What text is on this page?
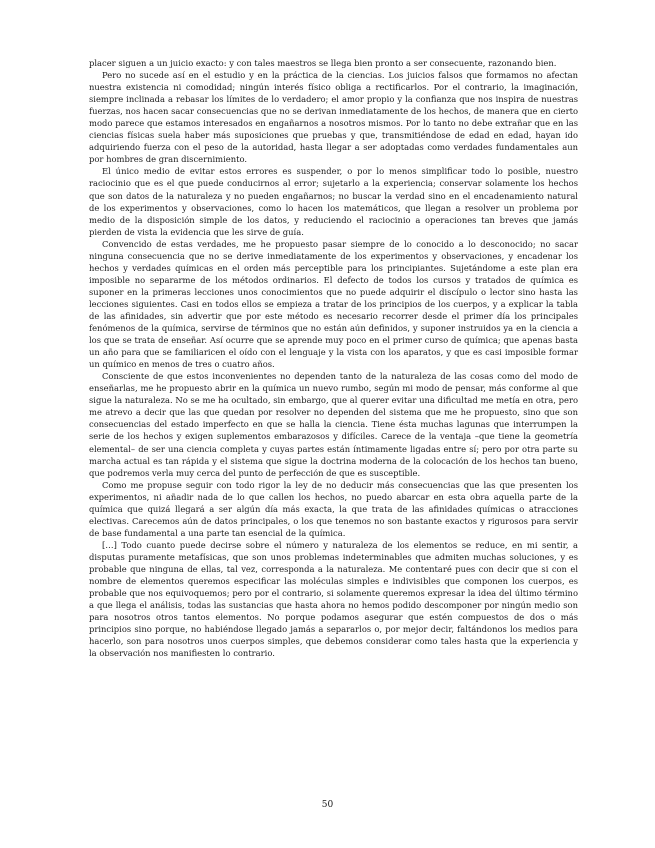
placer siguen a un juicio exacto: y con tales maestros se llega bien pronto a ser consecuente, razonando bien.

Pero no sucede así en el estudio y en la práctica de la ciencias. Los juicios falsos que formamos no afectan nuestra existencia ni comodidad; ningún interés físico obliga a rectificarlos. Por el contrario, la imaginación, siempre inclinada a rebasar los límites de lo verdadero; el amor propio y la confianza que nos inspira de nuestras fuerzas, nos hacen sacar consecuencias que no se derivan inmediatamente de los hechos, de manera que en cierto modo parece que estamos interesados en engañarnos a nosotros mismos. Por lo tanto no debe extrañar que en las ciencias físicas suela haber más suposiciones que pruebas y que, transmitiéndose de edad en edad, hayan ido adquiriendo fuerza con el peso de la autoridad, hasta llegar a ser adoptadas como verdades fundamentales aun por hombres de gran discernimiento.

El único medio de evitar estos errores es suspender, o por lo menos simplificar todo lo posible, nuestro raciocinio que es el que puede conducirnos al error; sujetarlo a la experiencia; conservar solamente los hechos que son datos de la naturaleza y no pueden engañarnos; no buscar la verdad sino en el encadenamiento natural de los experimentos y observaciones, como lo hacen los matemáticos, que llegan a resolver un problema por medio de la disposición simple de los datos, y reduciendo el raciocinio a operaciones tan breves que jamás pierden de vista la evidencia que les sirve de guía.

Convencido de estas verdades, me he propuesto pasar siempre de lo conocido a lo desconocido; no sacar ninguna consecuencia que no se derive inmediatamente de los experimentos y observaciones, y encadenar los hechos y verdades químicas en el orden más perceptible para los principiantes. Sujetándome a este plan era imposible no separarme de los métodos ordinarios. El defecto de todos los cursos y tratados de química es suponer en la primeras lecciones unos conocimientos que no puede adquirir el discípulo o lector sino hasta las lecciones siguientes. Casi en todos ellos se empieza a tratar de los principios de los cuerpos, y a explicar la tabla de las afinidades, sin advertir que por este método es necesario recorrer desde el primer día los principales fenómenos de la química, servirse de términos que no están aún definidos, y suponer instruidos ya en la ciencia a los que se trata de enseñar. Así ocurre que se aprende muy poco en el primer curso de química; que apenas basta un año para que se familiaricen el oído con el lenguaje y la vista con los aparatos, y que es casi imposible formar un químico en menos de tres o cuatro años.

Consciente de que estos inconvenientes no dependen tanto de la naturaleza de las cosas como del modo de enseñarlas, me he propuesto abrir en la química un nuevo rumbo, según mi modo de pensar, más conforme al que sigue la naturaleza. No se me ha ocultado, sin embargo, que al querer evitar una dificultad me metía en otra, pero me atrevo a decir que las que quedan por resolver no dependen del sistema que me he propuesto, sino que son consecuencias del estado imperfecto en que se halla la ciencia. Tiene ésta muchas lagunas que interrumpen la serie de los hechos y exigen suplementos embarazosos y difíciles. Carece de la ventaja –que tiene la geometría elemental– de ser una ciencia completa y cuyas partes están íntimamente ligadas entre sí; pero por otra parte su marcha actual es tan rápida y el sistema que sigue la doctrina moderna de la colocación de los hechos tan bueno, que podremos verla muy cerca del punto de perfección de que es susceptible.

Como me propuse seguir con todo rigor la ley de no deducir más consecuencias que las que presenten los experimentos, ni añadir nada de lo que callen los hechos, no puedo abarcar en esta obra aquella parte de la química que quizá llegará a ser algún día más exacta, la que trata de las afinidades químicas o atracciones electivas. Carecemos aún de datos principales, o los que tenemos no son bastante exactos y rigurosos para servir de base fundamental a una parte tan esencial de la química.

[…] Todo cuanto puede decirse sobre el número y naturaleza de los elementos se reduce, en mi sentir, a disputas puramente metafísicas, que son unos problemas indeterminables que admiten muchas soluciones, y es probable que ninguna de ellas, tal vez, corresponda a la naturaleza. Me contentaré pues con decir que si con el nombre de elementos queremos especificar las moléculas simples e indivisibles que componen los cuerpos, es probable que nos equivoquemos; pero por el contrario, si solamente queremos expresar la idea del último término a que llega el análisis, todas las sustancias que hasta ahora no hemos podido descomponer por ningún medio son para nosotros otros tantos elementos. No porque podamos asegurar que estén compuestos de dos o más principios sino porque, no habiéndose llegado jamás a separarlos o, por mejor decir, faltándonos los medios para hacerlo, son para nosotros unos cuerpos simples, que debemos considerar como tales hasta que la experiencia y la observación nos manifiesten lo contrario.

50
